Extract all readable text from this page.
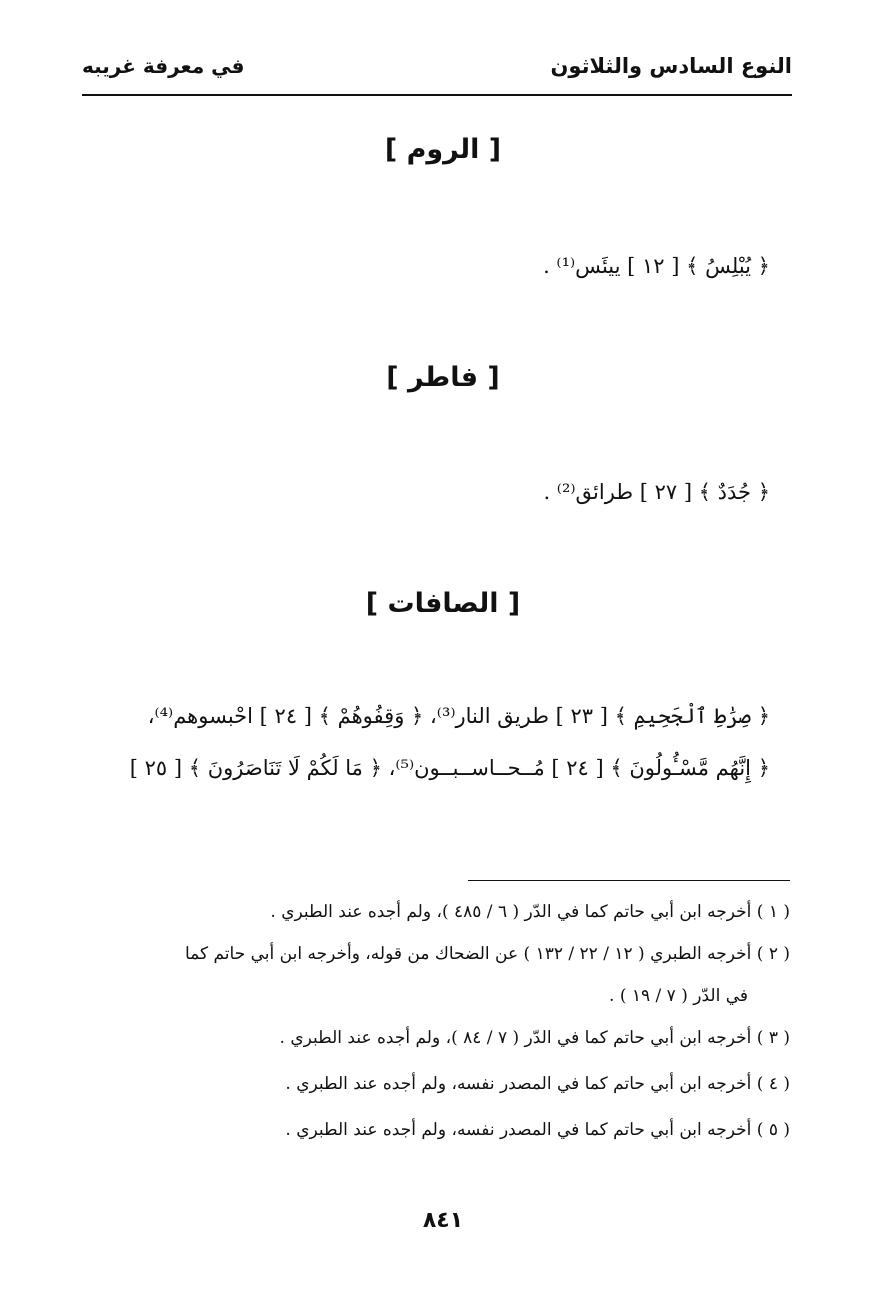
النوع السادس والثلاثون
في معرفة غريبه
[ الروم ]
﴿ يُبْلِسُ ﴾ [ ١٢ ] ييئَس⁽¹⁾ .
[ فاطر ]
﴿ جُدَدٌ ﴾ [ ٢٧ ] طرائق⁽²⁾ .
[ الصافات ]
﴿ صِرَٰطِ ٱلْجَحِيمِ ﴾ [ ٢٣ ] طريق النار⁽³⁾، ﴿ وَقِفُوهُمْ ﴾ [ ٢٤ ] احْبسوهم⁽⁴⁾،
﴿ إِنَّهُم مَّسْـُٔولُونَ ﴾ [ ٢٤ ] مُــحــاســبــون⁽⁵⁾، ﴿ مَا لَكُمْ لَا تَنَاصَرُونَ ﴾ [ ٢٥ ]
( ١ ) أخرجه ابن أبي حاتم كما في الدّر ( ٦ / ٤٨٥ )، ولم أجده عند الطبري .
( ٢ ) أخرجه الطبري ( ١٢ / ٢٢ / ١٣٢ ) عن الضحاك من قوله، وأخرجه ابن أبي حاتم كما
في الدّر ( ٧ / ١٩ ) .
( ٣ ) أخرجه ابن أبي حاتم كما في الدّر ( ٧ / ٨٤ )، ولم أجده عند الطبري .
( ٤ ) أخرجه ابن أبي حاتم كما في المصدر نفسه، ولم أجده عند الطبري .
( ٥ ) أخرجه ابن أبي حاتم كما في المصدر نفسه، ولم أجده عند الطبري .
٨٤١
